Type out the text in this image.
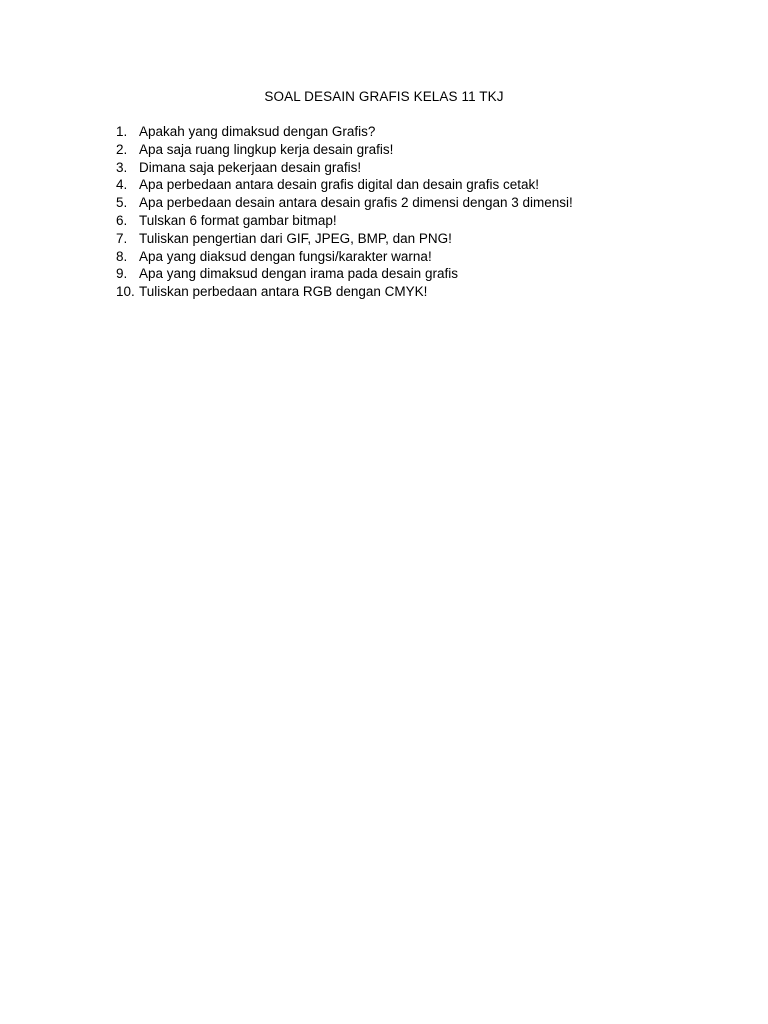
SOAL DESAIN GRAFIS KELAS 11 TKJ
1. Apakah yang dimaksud dengan Grafis?
2. Apa saja ruang lingkup kerja desain grafis!
3. Dimana saja pekerjaan desain grafis!
4. Apa perbedaan antara desain grafis digital dan desain grafis cetak!
5. Apa perbedaan desain antara desain grafis 2 dimensi dengan 3 dimensi!
6. Tulskan 6 format gambar bitmap!
7. Tuliskan pengertian dari GIF, JPEG, BMP, dan PNG!
8. Apa yang diaksud dengan fungsi/karakter warna!
9. Apa yang dimaksud dengan irama pada desain grafis
10. Tuliskan perbedaan antara RGB dengan CMYK!
